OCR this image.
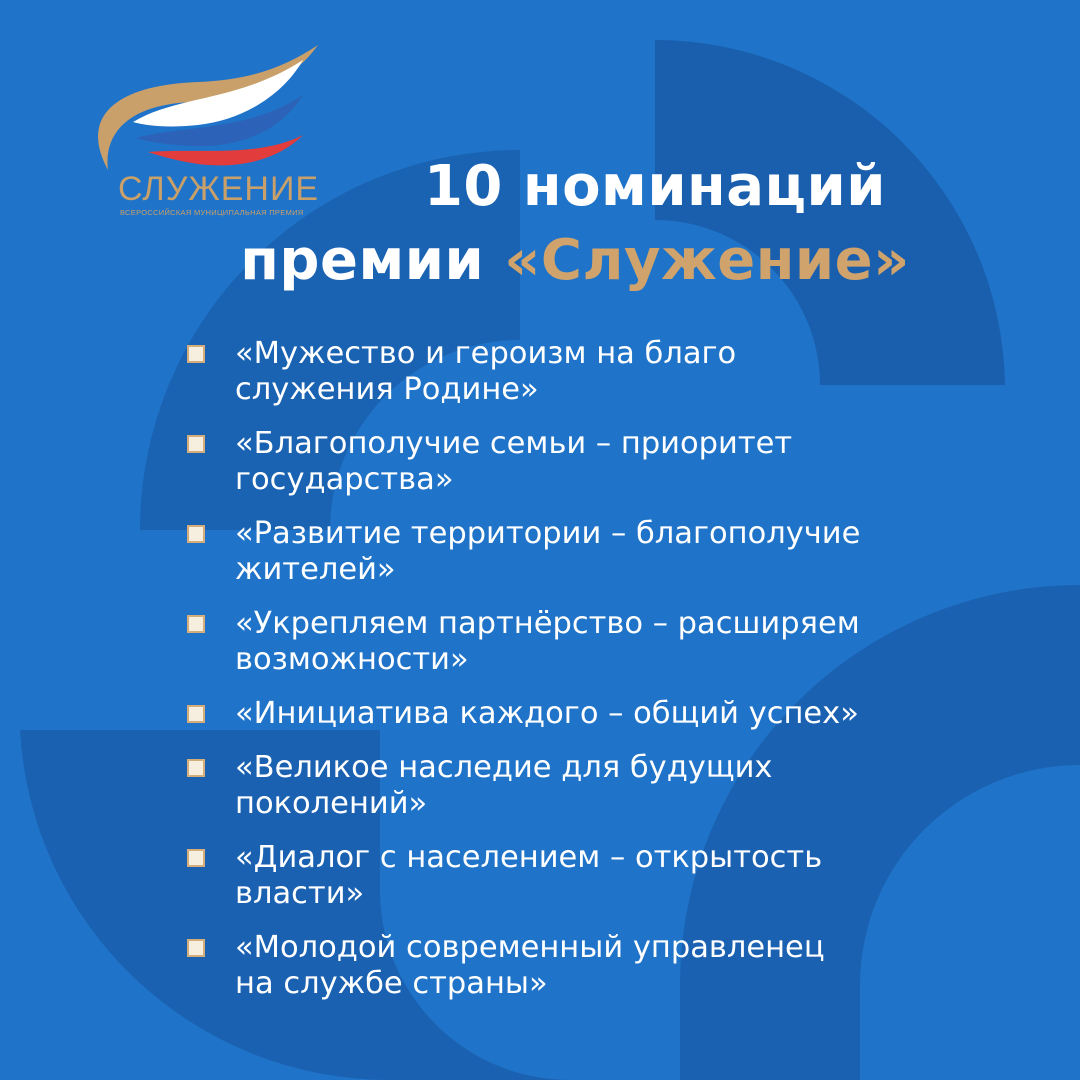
СЛУЖЕНИЕ
ВСЕРОССИЙСКАЯ МУНИЦИПАЛЬНАЯ ПРЕМИЯ	10 номинаций
премии «Служение»
«Мужество и героизм на благо
служения Родине»
«Благополучие семьи – приоритет
государства»
«Развитие территории – благополучие
жителей»
«Укрепляем партнёрство – расширяем
возможности»
«Инициатива каждого – общий успех»
«Великое наследие для будущих
поколений»
«Диалог с населением – открытость
власти»
«Молодой современный управленец
на службе страны»
